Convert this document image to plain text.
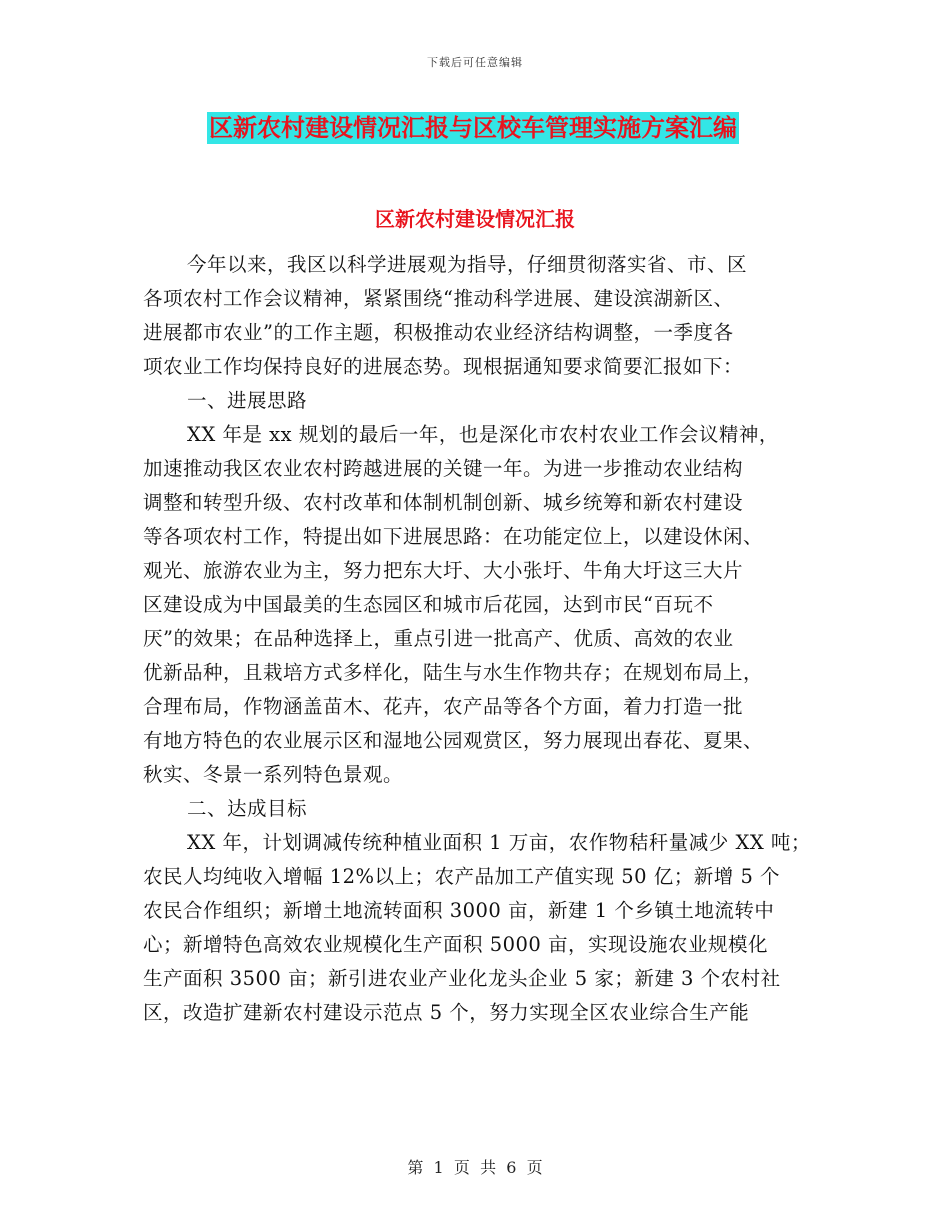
下载后可任意编辑
区新农村建设情况汇报与区校车管理实施方案汇编
区新农村建设情况汇报
今年以来，我区以科学进展观为指导，仔细贯彻落实省、市、区
各项农村工作会议精神，紧紧围绕“推动科学进展、建设滨湖新区、
进展都市农业”的工作主题，积极推动农业经济结构调整，一季度各
项农业工作均保持良好的进展态势。现根据通知要求简要汇报如下：
一、进展思路
XX 年是 xx 规划的最后一年，也是深化市农村农业工作会议精神，
加速推动我区农业农村跨越进展的关键一年。为进一步推动农业结构
调整和转型升级、农村改革和体制机制创新、城乡统筹和新农村建设
等各项农村工作，特提出如下进展思路：在功能定位上，以建设休闲、
观光、旅游农业为主，努力把东大圩、大小张圩、牛角大圩这三大片
区建设成为中国最美的生态园区和城市后花园，达到市民“百玩不
厌”的效果；在品种选择上，重点引进一批高产、优质、高效的农业
优新品种，且栽培方式多样化，陆生与水生作物共存；在规划布局上，
合理布局，作物涵盖苗木、花卉，农产品等各个方面，着力打造一批
有地方特色的农业展示区和湿地公园观赏区，努力展现出春花、夏果、
秋实、冬景一系列特色景观。
二、达成目标
XX 年，计划调减传统种植业面积 1 万亩，农作物秸秆量减少 XX 吨；
农民人均纯收入增幅 12%以上；农产品加工产值实现 50 亿；新增 5 个
农民合作组织；新增土地流转面积 3000 亩，新建 1 个乡镇土地流转中
心；新增特色高效农业规模化生产面积 5000 亩，实现设施农业规模化
生产面积 3500 亩；新引进农业产业化龙头企业 5 家；新建 3 个农村社
区，改造扩建新农村建设示范点 5 个，努力实现全区农业综合生产能
第  1  页  共  6  页
